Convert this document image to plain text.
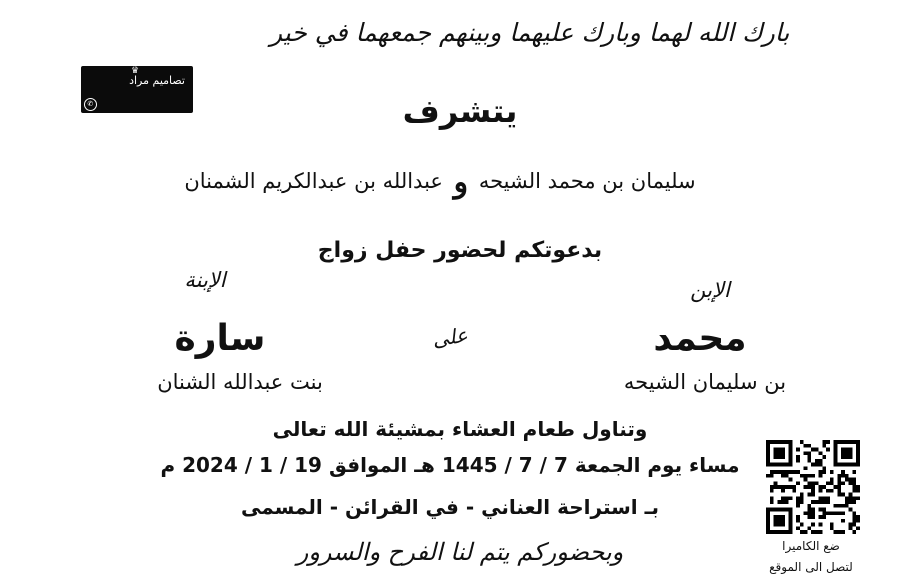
بارك الله لهما وبارك عليهما وبينهم جمعهما في خير
♛
تصاميم مراد
✆0556626720	يتشرف
سليمان بن محمد الشيحه و عبدالله بن عبدالكريم الشمنان
بدعوتكم لحضور حفل زواج
الإبن
الإبنة
محمد
على
سارة
بن سليمان الشيحه
بنت عبدالله الشنان
وتناول طعام العشاء بمشيئة الله تعالى
مساء يوم الجمعة 7 / 7 / 1445 هـ الموافق 19 / 1 / 2024 م
بـ استراحة العناني - في القرائن - المسمى
وبحضوركم يتم لنا الفرح والسرور	ضع الكاميرا
لتصل الى الموقع
